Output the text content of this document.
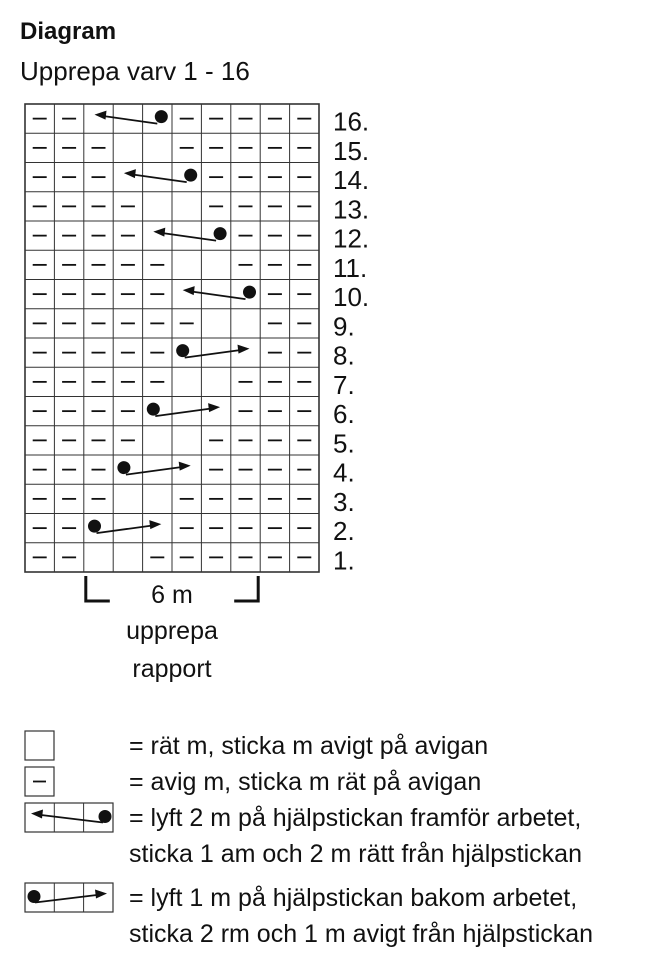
Diagram
Upprepa varv 1 - 16
16.
15.
14.
13.
12.
11.
10.
9.
8.
7.
6.
5.
4.
3.
2.
1.
6 m
upprepa
rapport
= rät m, sticka m avigt på avigan
= avig m, sticka m rät på avigan
= lyft 2 m på hjälpstickan framför arbetet,
sticka 1 am och 2 m rätt från hjälpstickan
= lyft 1 m på hjälpstickan bakom arbetet,
sticka 2 rm och 1 m avigt från hjälpstickan
